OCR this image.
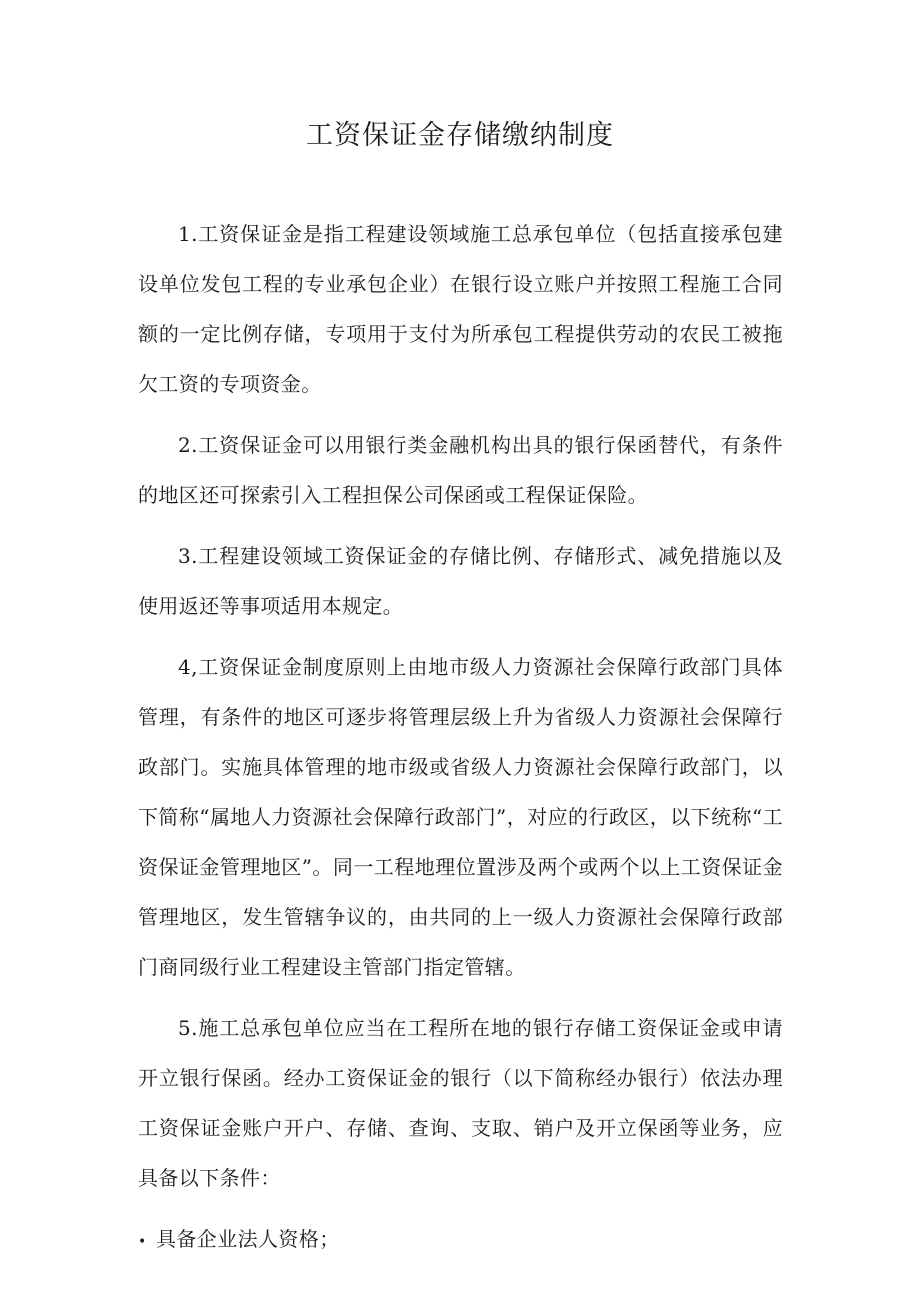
工资保证金存储缴纳制度

1.工资保证金是指工程建设领域施工总承包单位（包括直接承包建设单位发包工程的专业承包企业）在银行设立账户并按照工程施工合同额的一定比例存储，专项用于支付为所承包工程提供劳动的农民工被拖欠工资的专项资金。

2.工资保证金可以用银行类金融机构出具的银行保函替代，有条件的地区还可探索引入工程担保公司保函或工程保证保险。

3.工程建设领域工资保证金的存储比例、存储形式、减免措施以及使用返还等事项适用本规定。

4,工资保证金制度原则上由地市级人力资源社会保障行政部门具体管理，有条件的地区可逐步将管理层级上升为省级人力资源社会保障行政部门。实施具体管理的地市级或省级人力资源社会保障行政部门，以下简称“属地人力资源社会保障行政部门”，对应的行政区，以下统称“工资保证金管理地区”。同一工程地理位置涉及两个或两个以上工资保证金管理地区，发生管辖争议的，由共同的上一级人力资源社会保障行政部门商同级行业工程建设主管部门指定管辖。

5.施工总承包单位应当在工程所在地的银行存储工资保证金或申请开立银行保函。经办工资保证金的银行（以下简称经办银行）依法办理工资保证金账户开户、存储、查询、支取、销户及开立保函等业务，应具备以下条件：

• 具备企业法人资格；
